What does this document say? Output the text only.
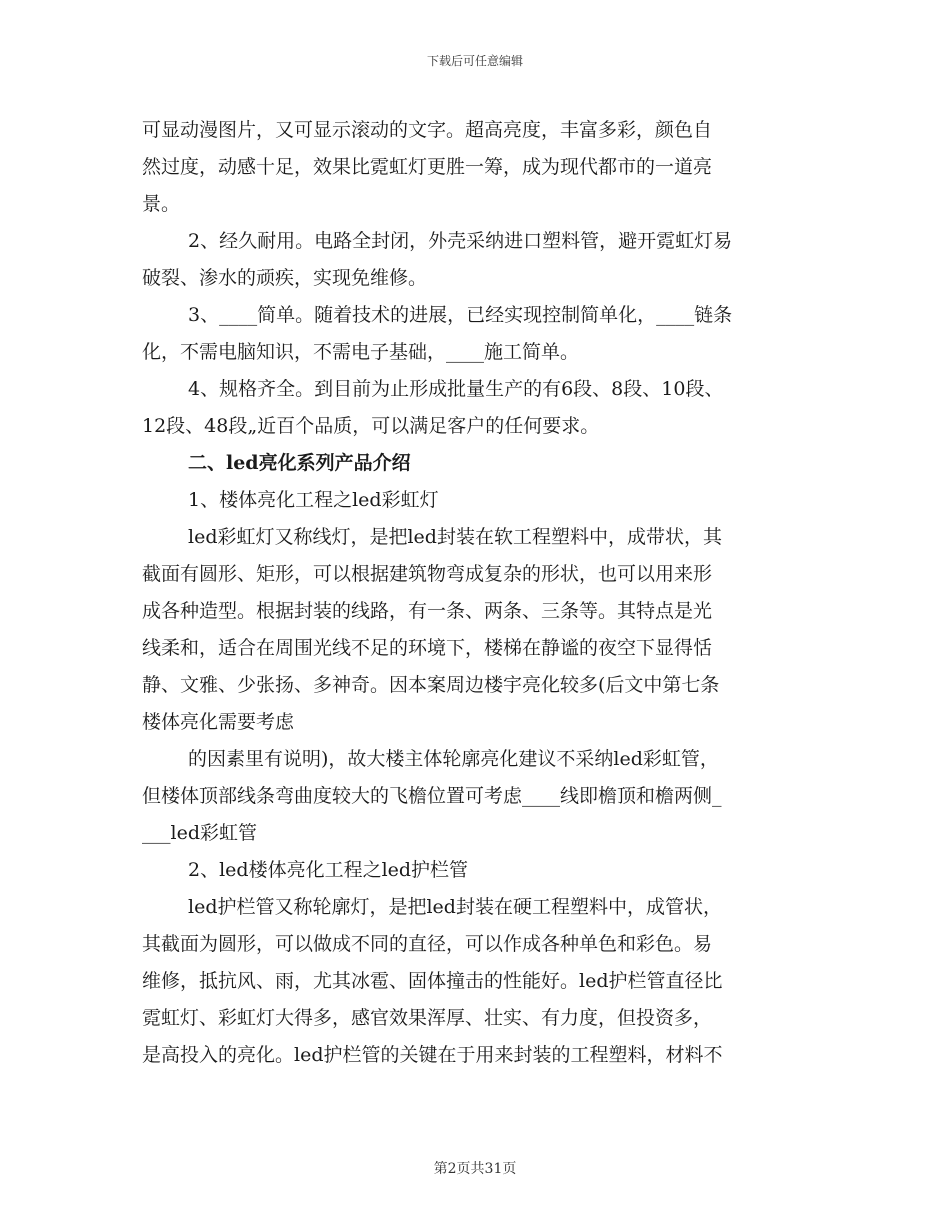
下载后可任意编辑
可显动漫图片，又可显示滚动的文字。超高亮度，丰富多彩，颜色自
然过度，动感十足，效果比霓虹灯更胜一筹，成为现代都市的一道亮
景。
2、经久耐用。电路全封闭，外壳采纳进口塑料管，避开霓虹灯易
破裂、渗水的顽疾，实现免维修。
3、____简单。随着技术的进展，已经实现控制简单化，____链条
化，不需电脑知识，不需电子基础，____施工简单。
4、规格齐全。到目前为止形成批量生产的有6段、8段、10段、
12段、48段„近百个品质，可以满足客户的任何要求。
二、led亮化系列产品介绍
1、楼体亮化工程之led彩虹灯
led彩虹灯又称线灯，是把led封装在软工程塑料中，成带状，其
截面有圆形、矩形，可以根据建筑物弯成复杂的形状，也可以用来形
成各种造型。根据封装的线路，有一条、两条、三条等。其特点是光
线柔和，适合在周围光线不足的环境下，楼梯在静谧的夜空下显得恬
静、文雅、少张扬、多神奇。因本案周边楼宇亮化较多(后文中第七条
楼体亮化需要考虑
的因素里有说明)，故大楼主体轮廓亮化建议不采纳led彩虹管，
但楼体顶部线条弯曲度较大的飞檐位置可考虑____线即檐顶和檐两侧_
___led彩虹管
2、led楼体亮化工程之led护栏管
led护栏管又称轮廓灯，是把led封装在硬工程塑料中，成管状，
其截面为圆形，可以做成不同的直径，可以作成各种单色和彩色。易
维修，抵抗风、雨，尤其冰雹、固体撞击的性能好。led护栏管直径比
霓虹灯、彩虹灯大得多，感官效果浑厚、壮实、有力度，但投资多，
是高投入的亮化。led护栏管的关键在于用来封装的工程塑料，材料不
第2页共31页
